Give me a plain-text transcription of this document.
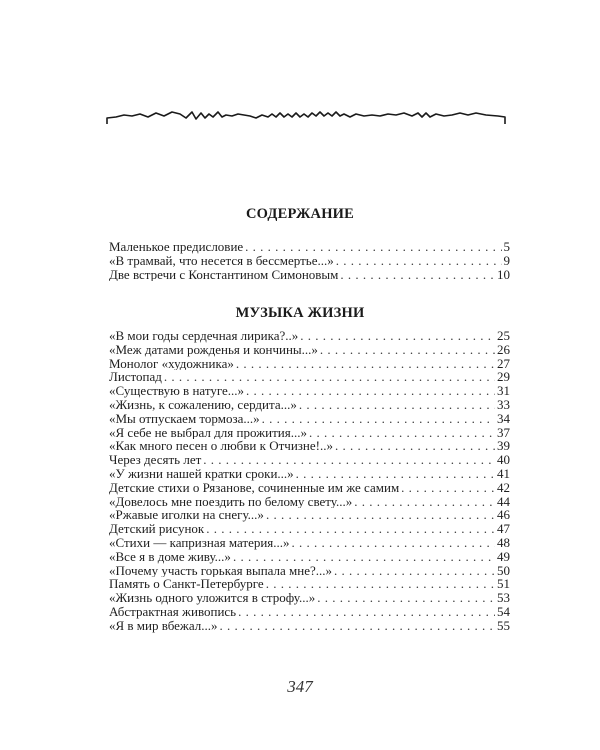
СОДЕРЖАНИЕ
Маленькое предисловие . . .	5
«В трамвай, что несется в бессмертье...» . . .	9
Две встречи с Константином Симоновым . . .	10
МУЗЫКА ЖИЗНИ
«В мои годы сердечная лирика?..» . . .	25
«Меж датами рожденья и кончины...» . . .	26
Монолог «художника» . . .	27
Листопад . . .	29
«Существую в натуге...» . . .	31
«Жизнь, к сожалению, сердита...» . . .	33
«Мы отпускаем тормоза...» . . .	34
«Я себе не выбрал для прожития...» . . .	37
«Как много песен о любви к Отчизне!..» . . .	39
Через десять лет . . .	40
«У жизни нашей кратки сроки...» . . .	41
Детские стихи о Рязанове, сочиненные им же самим . . .	42
«Довелось мне поездить по белому свету...» . . .	44
«Ржавые иголки на снегу...» . . .	46
Детский рисунок . . .	47
«Стихи — капризная материя...» . . .	48
«Все я в доме живу...» . . .	49
«Почему участь горькая выпала мне?...» . . .	50
Память о Санкт-Петербурге . . .	51
«Жизнь одного уложится в строфу...» . . .	53
Абстрактная живопись . . .	54
«Я в мир вбежал...» . . .	55
347
